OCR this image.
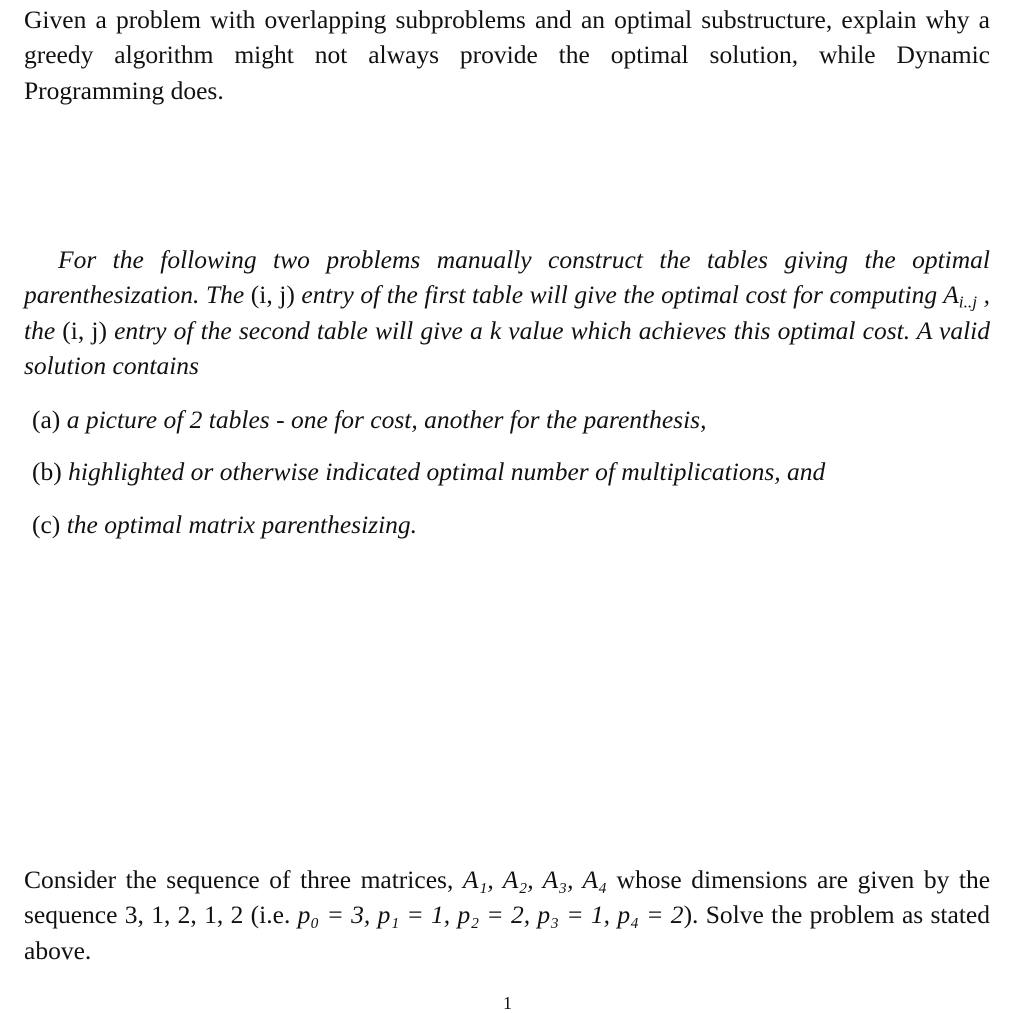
Given a problem with overlapping subproblems and an optimal substructure, explain why a greedy algorithm might not always provide the optimal solution, while Dynamic Programming does.

For the following two problems manually construct the tables giving the optimal parenthesization. The (i, j) entry of the first table will give the optimal cost for computing $A_{i..j}$ , the (i, j) entry of the second table will give a k value which achieves this optimal cost. A valid solution contains

(a) a picture of 2 tables - one for cost, another for the parenthesis,

(b) highlighted or otherwise indicated optimal number of multiplications, and

(c) the optimal matrix parenthesizing.

Consider the sequence of three matrices, A₁, A₂, A₃, A₄ whose dimensions are given by the sequence 3, 1, 2, 1, 2 (i.e. p₀ = 3, p₁ = 1, p₂ = 2, p₃ = 1, p₄ = 2). Solve the problem as stated above.

1
